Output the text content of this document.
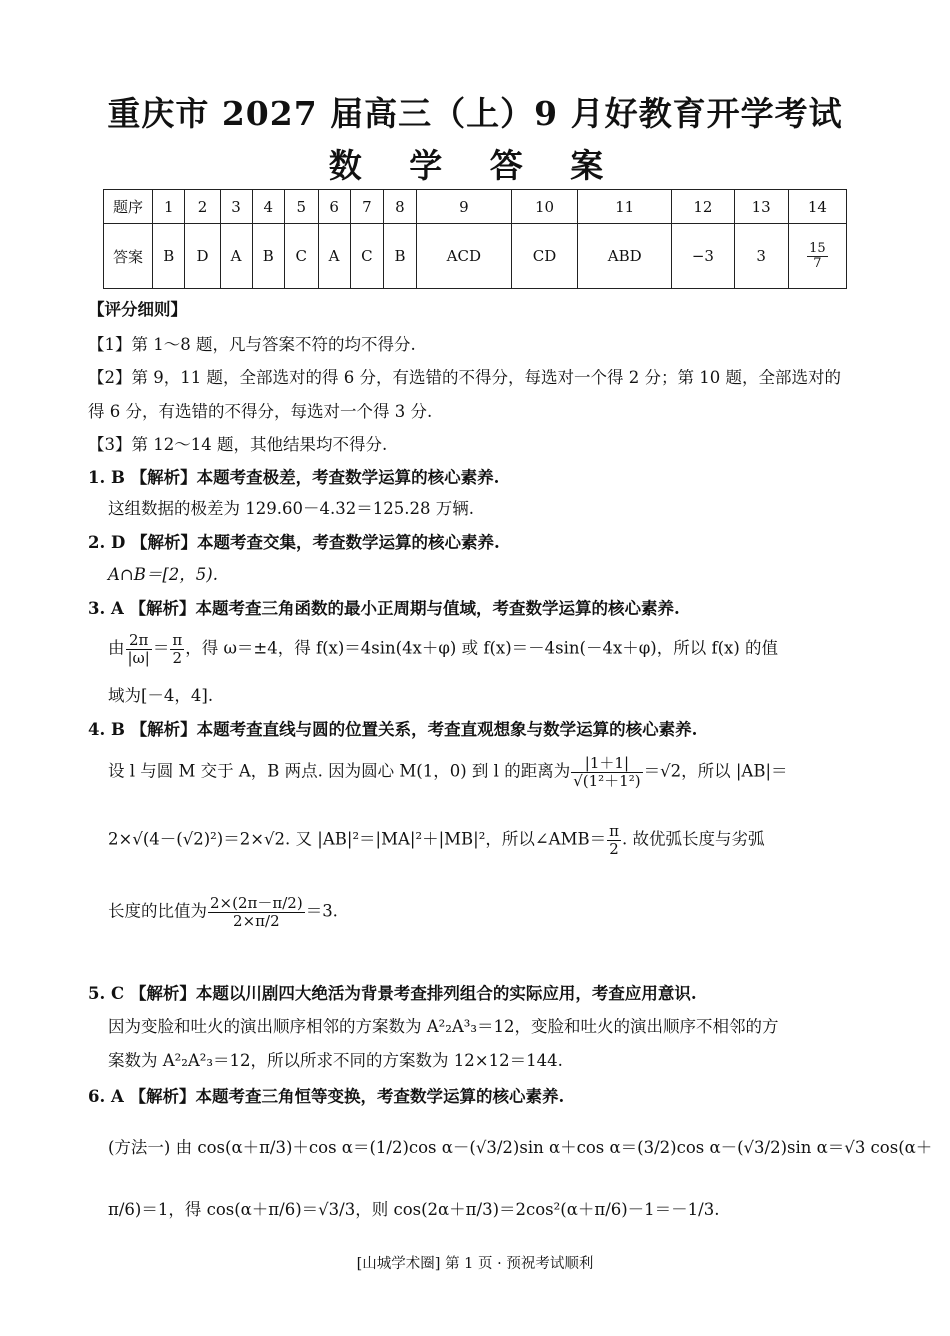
重庆市 2027 届高三（上）9 月好教育开学考试
数 学 答 案
题序	1	2	3	4	5	6	7	8	9	10	11	12	13	14
答案	B	D	A	B	C	A	C	B	ACD	CD	ABD	−3	3	$\frac{15}{7}$
【评分细则】
【1】第 1～8 题，凡与答案不符的均不得分.
【2】第 9，11 题，全部选对的得 6 分，有选错的不得分，每选对一个得 2 分；第 10 题，全部选对的
得 6 分，有选错的不得分，每选对一个得 3 分.
【3】第 12～14 题，其他结果均不得分.
1. B 【解析】本题考查极差，考查数学运算的核心素养.
这组数据的极差为 129.60－4.32＝125.28 万辆.
2. D 【解析】本题考查交集，考查数学运算的核心素养.
A∩B＝[2，5).
3. A 【解析】本题考查三角函数的最小正周期与值域，考查数学运算的核心素养.
由 $\frac{2\pi}{|\omega|} = \frac{\pi}{2}$ ，得 ω＝±4，得 f(x)＝4sin(4x＋φ) 或 f(x)＝－4sin(－4x＋φ)，所以 f(x) 的值
域为[－4，4].
4. B 【解析】本题考查直线与圆的位置关系，考查直观想象与数学运算的核心素养.
设 l 与圆 M 交于 A，B 两点. 因为圆心 M(1，0) 到 l 的距离为 $\frac{|1+1|}{\text{√(1²＋1²)}} =√2$，所以 |AB|＝
2×√(4－(√2)²)＝2×√2. 又 |AB|²＝|MA|²＋|MB|²，所以∠AMB＝ $\frac{\pi}{2}$ . 故优弧长度与劣弧
长度的比值为 $\frac{2\times(2\pi-\pi/2)}{2\times\pi/2} =3$.
5. C 【解析】本题以川剧四大绝活为背景考查排列组合的实际应用，考查应用意识.
因为变脸和吐火的演出顺序相邻的方案数为 A²₂A³₃＝12，变脸和吐火的演出顺序不相邻的方
案数为 A²₂A²₃＝12，所以所求不同的方案数为 12×12＝144.
6. A 【解析】本题考查三角恒等变换，考查数学运算的核心素养.
(方法一) 由 cos(α＋π/3)＋cos α＝(1/2)cos α－(√3/2)sin α＋cos α＝(3/2)cos α－(√3/2)sin α＝√3 cos(α＋
π/6)＝1，得 cos(α＋π/6)＝√3/3，则 cos(2α＋π/3)＝2cos²(α＋π/6)－1＝－1/3.
[山城学术圈] 第 1 页 · 预祝考试顺利
